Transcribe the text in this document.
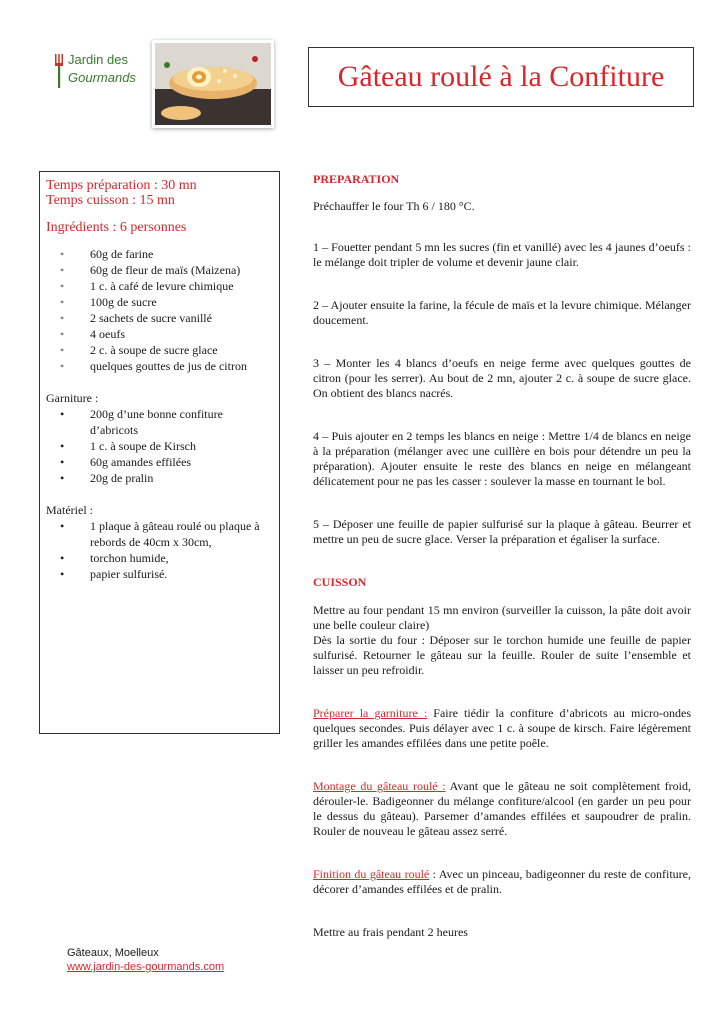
Jardin des
Gourmands	Gâteau roulé à la Confiture
Temps préparation : 30 mn
Temps cuisson : 15 mn
Ingrédients : 6 personnes
• 60g de farine
• 60g de fleur de maïs (Maizena)
• 1 c. à café de levure chimique
• 100g de sucre
• 2 sachets de sucre vanillé
• 4 oeufs
• 2 c. à soupe de sucre glace
• quelques gouttes de jus de citron
Garniture :
• 200g d’une bonne confiture d’abricots
• 1 c. à soupe de Kirsch
• 60g amandes effilées
• 20g de pralin
Matériel :
• 1 plaque à gâteau roulé ou plaque à rebords de 40cm x 30cm,
• torchon humide,
• papier sulfurisé.

PREPARATION

Préchauffer le four Th 6 / 180 °C.

1 – Fouetter pendant 5 mn les sucres (fin et vanillé) avec les 4 jaunes d’oeufs : le mélange doit tripler de volume et devenir jaune clair.

2 – Ajouter ensuite la farine, la fécule de maïs et la levure chimique. Mélanger doucement.

3 – Monter les 4 blancs d’oeufs en neige ferme avec quelques gouttes de citron (pour les serrer). Au bout de 2 mn, ajouter 2 c. à soupe de sucre glace. On obtient des blancs nacrés.

4 – Puis ajouter en 2 temps les blancs en neige : Mettre 1/4 de blancs en neige à la préparation (mélanger avec une cuillère en bois pour détendre un peu la préparation). Ajouter ensuite le reste des blancs en neige en mélangeant délicatement pour ne pas les casser : soulever la masse en tournant le bol.

5 – Déposer une feuille de papier sulfurisé sur la plaque à gâteau. Beurrer et mettre un peu de sucre glace. Verser la préparation et égaliser la surface.

CUISSON

Mettre au four pendant 15 mn environ (surveiller la cuisson, la pâte doit avoir une belle couleur claire)

Dès la sortie du four : Déposer sur le torchon humide une feuille de papier sulfurisé. Retourner le gâteau sur la feuille. Rouler de suite l’ensemble et laisser un peu refroidir.

Préparer la garniture : Faire tiédir la confiture d’abricots au micro-ondes quelques secondes. Puis délayer avec 1 c. à soupe de kirsch. Faire légèrement griller les amandes effilées dans une petite poêle.

Montage du gâteau roulé : Avant que le gâteau ne soit complètement froid, dérouler-le. Badigeonner du mélange confiture/alcool (en garder un peu pour le dessus du gâteau). Parsemer d’amandes effilées et saupoudrer de pralin. Rouler de nouveau le gâteau assez serré.

Finition du gâteau roulé : Avec un pinceau, badigeonner du reste de confiture, décorer d’amandes effilées et de pralin.

Mettre au frais pendant 2 heures

Gâteaux, Moelleux
www.jardin-des-gourmands.com
